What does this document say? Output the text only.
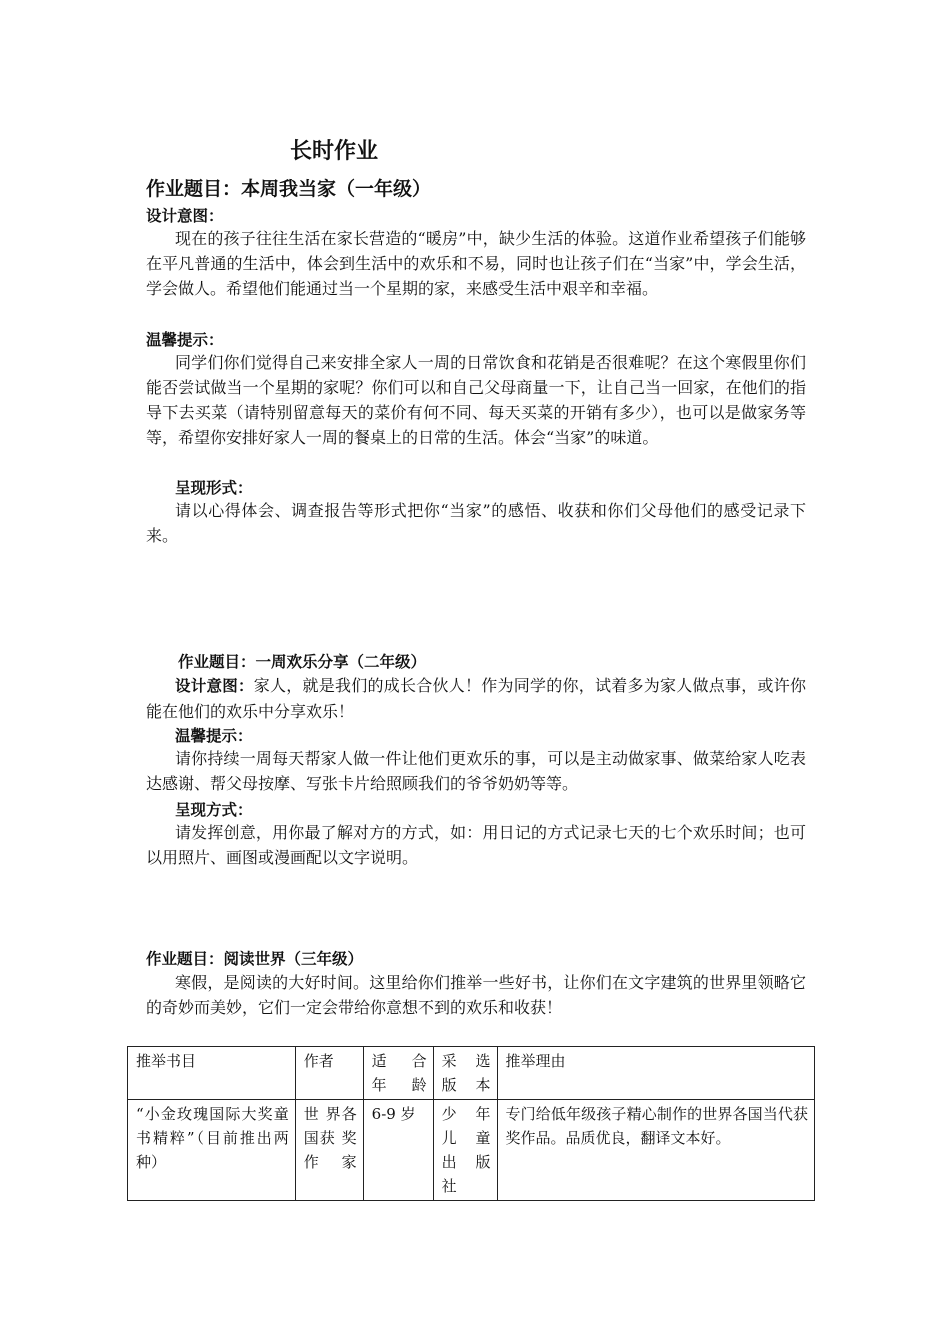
长时作业
作业题目：本周我当家（一年级）
设计意图：

现在的孩子往往生活在家长营造的“暖房”中，缺少生活的体验。这道作业希望孩子们能够在平凡普通的生活中，体会到生活中的欢乐和不易，同时也让孩子们在“当家”中，学会生活，学会做人。希望他们能通过当一个星期的家，来感受生活中艰辛和幸福。

温馨提示：

同学们你们觉得自己来安排全家人一周的日常饮食和花销是否很难呢？在这个寒假里你们能否尝试做当一个星期的家呢？你们可以和自己父母商量一下，让自己当一回家，在他们的指导下去买菜（请特别留意每天的菜价有何不同、每天买菜的开销有多少），也可以是做家务等等，希望你安排好家人一周的餐桌上的日常的生活。体会“当家”的味道。

呈现形式：

请以心得体会、调查报告等形式把你“当家”的感悟、收获和你们父母他们的感受记录下来。

作业题目：一周欢乐分享（二年级）

设计意图：家人，就是我们的成长合伙人！作为同学的你，试着多为家人做点事，或许你能在他们的欢乐中分享欢乐！

温馨提示：

请你持续一周每天帮家人做一件让他们更欢乐的事，可以是主动做家事、做菜给家人吃表达感谢、帮父母按摩、写张卡片给照顾我们的爷爷奶奶等等。

呈现方式：

请发挥创意，用你最了解对方的方式，如：用日记的方式记录七天的七个欢乐时间；也可以用照片、画图或漫画配以文字说明。

作业题目：阅读世界（三年级）

寒假，是阅读的大好时间。这里给你们推举一些好书，让你们在文字建筑的世界里领略它的奇妙而美妙，它们一定会带给你意想不到的欢乐和收获！

推举书目	作者	适　合年龄	采 选版本	推举理由
“小金玫瑰国际大奖童书精粹”（目前推出两种）	世 界各 国获 奖作家	6-9 岁	少 年儿 童出 版社	专门给低年级孩子精心制作的世界各国当代获奖作品。品质优良，翻译文本好。
